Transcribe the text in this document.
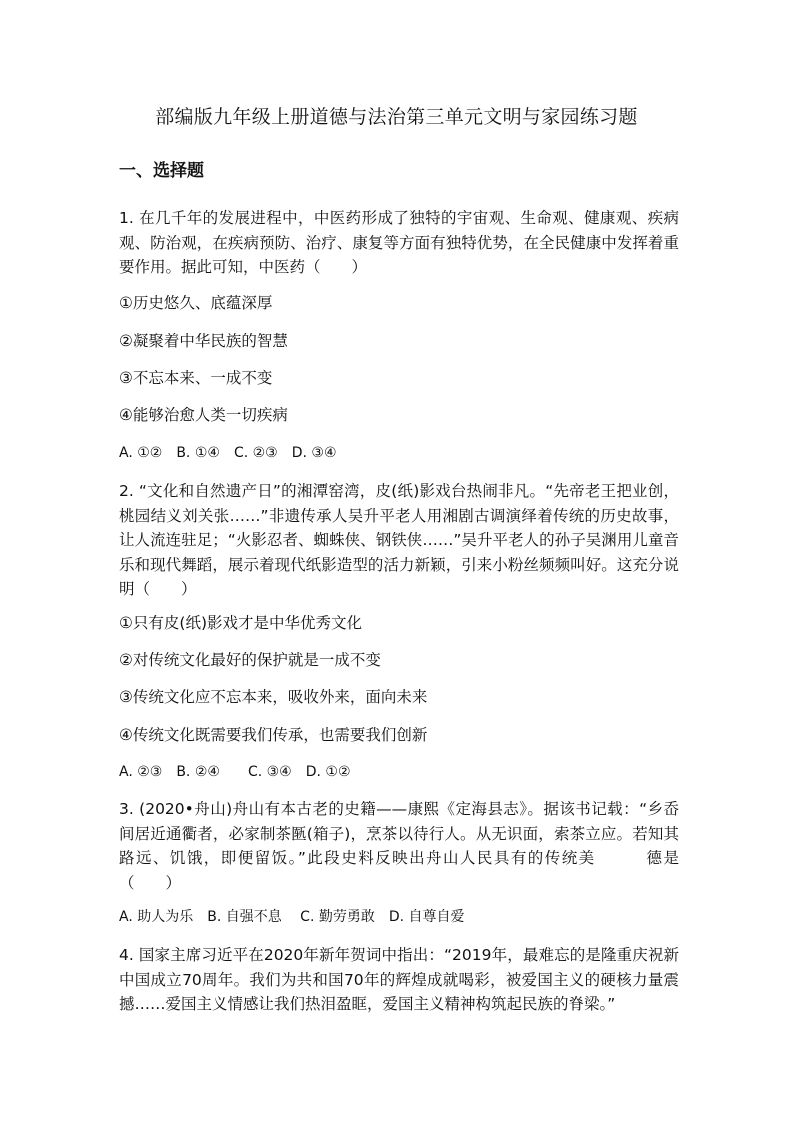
部编版九年级上册道德与法治第三单元文明与家园练习题
一、选择题
1. 在几千年的发展进程中，中医药形成了独特的宇宙观、生命观、健康观、疾病观、防治观，在疾病预防、治疗、康复等方面有独特优势，在全民健康中发挥着重要作用。据此可知，中医药（　　）
①历史悠久、底蕴深厚
②凝聚着中华民族的智慧
③不忘本来、一成不变
④能够治愈人类一切疾病
A. ①②　B. ①④　C. ②③　D. ③④
2. “文化和自然遗产日”的湘潭窑湾，皮(纸)影戏台热闹非凡。“先帝老王把业创，桃园结义刘关张……”非遗传承人吴升平老人用湘剧古调演绎着传统的历史故事，让人流连驻足；“火影忍者、蜘蛛侠、钢铁侠……”吴升平老人的孙子吴渊用儿童音乐和现代舞蹈，展示着现代纸影造型的活力新颖，引来小粉丝频频叫好。这充分说明（　　）
①只有皮(纸)影戏才是中华优秀文化
②对传统文化最好的保护就是一成不变
③传统文化应不忘本来，吸收外来，面向未来
④传统文化既需要我们传承，也需要我们创新
A. ②③　B. ②④　　C. ③④　D. ①②
3. (2020•舟山)舟山有本古老的史籍——康熙《定海县志》。据该书记载：“乡岙间居近通衢者，必家制茶匦(箱子)，烹茶以待行人。从无识面，索茶立应。若知其路远、饥饿，即便留饭。”此段史料反映出舟山人民具有的传统美　　　德是（　　）
A. 助人为乐　B. 自强不息　 C. 勤劳勇敢　D. 自尊自爱
4. 国家主席习近平在2020年新年贺词中指出：“2019年，最难忘的是隆重庆祝新中国成立70周年。我们为共和国70年的辉煌成就喝彩，被爱国主义的硬核力量震撼……爱国主义情感让我们热泪盈眶，爱国主义精神构筑起民族的脊梁。”
